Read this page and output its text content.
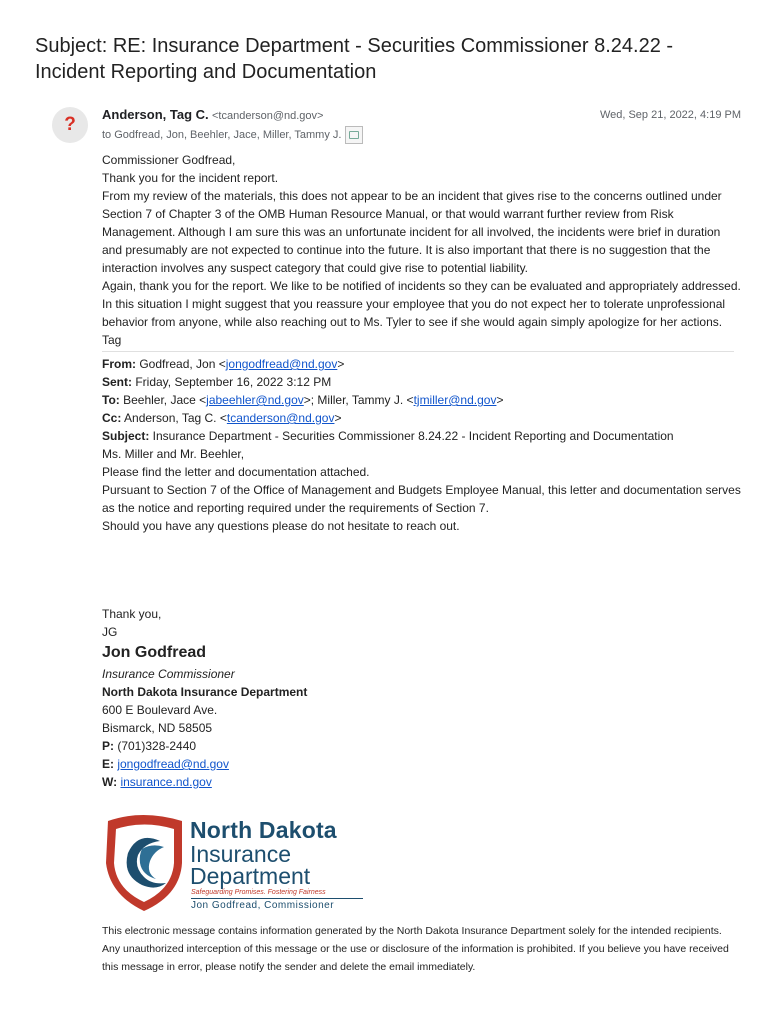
Subject: RE: Insurance Department - Securities Commissioner 8.24.22 - Incident Reporting and Documentation
? Anderson, Tag C. <tcanderson@nd.gov>
to Godfread, Jon, Beehler, Jace, Miller, Tammy J.
Wed, Sep 21, 2022, 4:19 PM

Commissioner Godfread,

Thank you for the incident report.

From my review of the materials, this does not appear to be an incident that gives rise to the concerns outlined under Section 7 of Chapter 3 of the OMB Human Resource Manual, or that would warrant further review from Risk Management. Although I am sure this was an unfortunate incident for all involved, the incidents were brief in duration and presumably are not expected to continue into the future. It is also important that there is no suggestion that the interaction involves any suspect category that could give rise to potential liability.

Again, thank you for the report. We like to be notified of incidents so they can be evaluated and appropriately addressed. In this situation I might suggest that you reassure your employee that you do not expect her to tolerate unprofessional behavior from anyone, while also reaching out to Ms. Tyler to see if she would again simply apologize for her actions.

Tag

From: Godfread, Jon <jongodfread@nd.gov>

Sent: Friday, September 16, 2022 3:12 PM

To: Beehler, Jace <jabeehler@nd.gov>; Miller, Tammy J. <tjmiller@nd.gov>

Cc: Anderson, Tag C. <tcanderson@nd.gov>

Subject: Insurance Department - Securities Commissioner 8.24.22 - Incident Reporting and Documentation

Ms. Miller and Mr. Beehler,

Please find the letter and documentation attached.

Pursuant to Section 7 of the Office of Management and Budgets Employee Manual, this letter and documentation serves as the notice and reporting required under the requirements of Section 7.

Should you have any questions please do not hesitate to reach out.

Thank you,

JG

Jon Godfread

Insurance Commissioner

North Dakota Insurance Department

600 E Boulevard Ave.

Bismarck, ND 58505

P: (701)328-2440

E: jongodfread@nd.gov

W: insurance.nd.gov

North Dakota
Insurance
Department
Safeguarding Promises. Fostering Fairness
Jon Godfread, Commissioner
This electronic message contains information generated by the North Dakota Insurance Department solely for the intended recipients. Any unauthorized interception of this message or the use or disclosure of the information is prohibited. If you believe you have received this message in error, please notify the sender and delete the email immediately.
